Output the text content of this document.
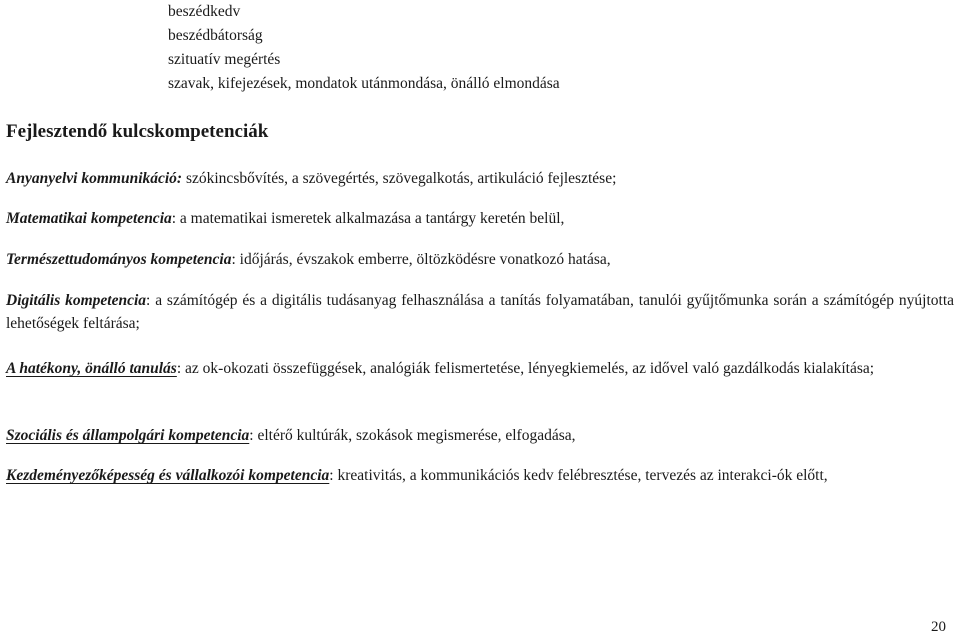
beszédkedv
beszédbátorság
szituatív megértés
szavak, kifejezések, mondatok utánmondása, önálló elmondása
Fejlesztendő kulcskompetenciák
Anyanyelvi kommunikáció: szókincsbővítés, a szövegértés, szövegalkotás, artikuláció fejlesztése;
Matematikai kompetencia: a matematikai ismeretek alkalmazása a tantárgy keretén belül,
Természettudományos kompetencia: időjárás, évszakok emberre, öltözködésre vonatkozó hatása,
Digitális kompetencia: a számítógép és a digitális tudásanyag felhasználása a tanítás folyamatában, tanulói gyűjtőmunka során a számítógép nyújtotta lehetőségek feltárása;
A hatékony, önálló tanulás: az ok-okozati összefüggések, analógiák felismertetése, lényegkiemelés, az idővel való gazdálkodás kialakítása;
Szociális és állampolgári kompetencia: eltérő kultúrák, szokások megismerése, elfogadása,
Kezdeményezőképesség és vállalkozói kompetencia: kreativitás, a kommunikációs kedv felébresztése, tervezés az interakci-ók előtt,
20
